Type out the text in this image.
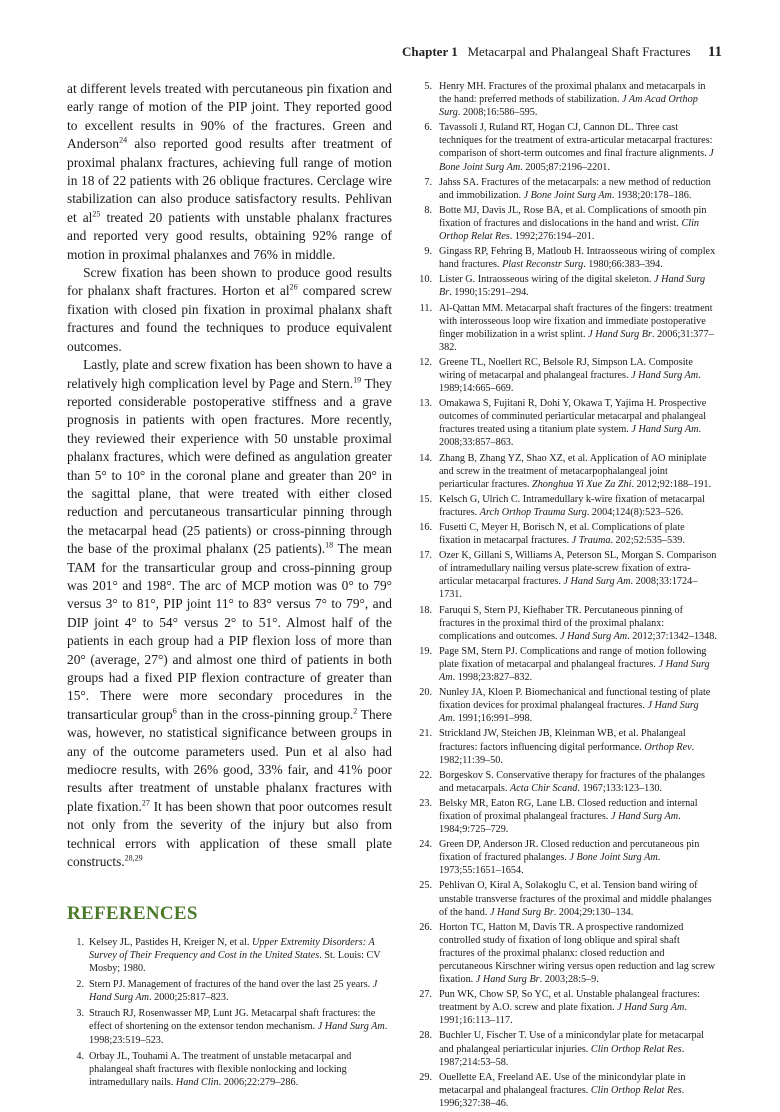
Chapter 1 Metacarpal and Phalangeal Shaft Fractures 11

at different levels treated with percutaneous pin fixation and early range of motion of the PIP joint. They reported good to excellent results in 90% of the fractures. Green and Anderson$^{24}$ also reported good results after treatment of proximal phalanx fractures, achieving full range of motion in 18 of 22 patients with 26 oblique fractures. Cerclage wire stabilization can also produce satisfactory results. Pehlivan et $al^{25}$ treated 20 patients with unstable phalanx fractures and reported very good results, obtaining 92% range of motion in proximal phalanxes and 76% in middle.

Screw fixation has been shown to produce good results for phalanx shaft fractures. Horton et $al^{26}$ compared screw fixation with closed pin fixation in proximal phalanx shaft fractures and found the techniques to produce equivalent outcomes.

Lastly, plate and screw fixation has been shown to have a relatively high complication level by Page and Stern.$^{19}$ They reported considerable postoperative stiffness and a grave prognosis in patients with open fractures. More recently, they reviewed their experience with 50 unstable proximal phalanx fractures, which were defined as angulation greater than 5° to 10° in the coronal plane and greater than 20° in the sagittal plane, that were treated with either closed reduction and percutaneous transarticular pinning through the metacarpal head (25 patients) or cross-pinning through the base of the proximal phalanx (25 patients).$^{18}$ The mean TAM for the transarticular group and cross-pinning group was 201° and 198°. The arc of MCP motion was 0° to 79° versus 3° to 81°, PIP joint 11° to 83° versus 7° to 79°, and DIP joint 4° to 54° versus 2° to 51°. Almost half of the patients in each group had a PIP flexion loss of more than 20° (average, 27°) and almost one third of patients in both groups had a fixed PIP flexion contracture of greater than 15°. There were more secondary procedures in the transarticular group$^6$ than in the cross-pinning group.$^2$ There was, however, no statistical significance between groups in any of the outcome parameters used. Pun et al also had mediocre results, with 26% good, 33% fair, and 41% poor results after treatment of unstable phalanx fractures with plate fixation.$^{27}$ It has been shown that poor outcomes result not only from the severity of the injury but also from technical errors with application of these small plate constructs.$^{28,29}$

REFERENCES
1. Kelsey JL, Pastides H, Kreiger N, et al. Upper Extremity Disorders: A Survey of Their Frequency and Cost in the United States. St. Louis: CV Mosby; 1980.
2. Stern PJ. Management of fractures of the hand over the last 25 years. J Hand Surg Am. 2000;25:817–823.
3. Strauch RJ, Rosenwasser MP, Lunt JG. Metacarpal shaft fractures: the effect of shortening on the extensor tendon mechanism. J Hand Surg Am. 1998;23:519–523.
4. Orbay JL, Touhami A. The treatment of unstable metacarpal and phalangeal shaft fractures with flexible nonlocking and locking intramedullary nails. Hand Clin. 2006;22:279–286.
5. Henry MH. Fractures of the proximal phalanx and metacarpals in the hand: preferred methods of stabilization. J Am Acad Orthop Surg. 2008;16:586–595.
6. Tavassoli J, Ruland RT, Hogan CJ, Cannon DL. Three cast techniques for the treatment of extra-articular metacarpal fractures: comparison of short-term outcomes and final fracture alignments. J Bone Joint Surg Am. 2005;87:2196–2201.
7. Jahss SA. Fractures of the metacarpals: a new method of reduction and immobilization. J Bone Joint Surg Am. 1938;20:178–186.
8. Botte MJ, Davis JL, Rose BA, et al. Complications of smooth pin fixation of fractures and dislocations in the hand and wrist. Clin Orthop Relat Res. 1992;276:194–201.
9. Gingass RP, Fehring B, Matloub H. Intraosseous wiring of complex hand fractures. Plast Reconstr Surg. 1980;66:383–394.
10. Lister G. Intraosseous wiring of the digital skeleton. J Hand Surg Br. 1990;15:291–294.
11. Al-Qattan MM. Metacarpal shaft fractures of the fingers: treatment with interosseous loop wire fixation and immediate postoperative finger mobilization in a wrist splint. J Hand Surg Br. 2006;31:377–382.
12. Greene TL, Noellert RC, Belsole RJ, Simpson LA. Composite wiring of metacarpal and phalangeal fractures. J Hand Surg Am. 1989;14:665–669.
13. Omakawa S, Fujitani R, Dohi Y, Okawa T, Yajima H. Prospective outcomes of comminuted periarticular metacarpal and phalangeal fractures treated using a titanium plate system. J Hand Surg Am. 2008;33:857–863.
14. Zhang B, Zhang YZ, Shao XZ, et al. Application of AO miniplate and screw in the treatment of metacarpophalangeal joint periarticular fractures. Zhonghua Yi Xue Za Zhi. 2012;92:188–191.
15. Kelsch G, Ulrich C. Intramedullary k-wire fixation of metacarpal fractures. Arch Orthop Trauma Surg. 2004;124(8):523–526.
16. Fusetti C, Meyer H, Borisch N, et al. Complications of plate fixation in metacarpal fractures. J Trauma. 202;52:535–539.
17. Ozer K, Gillani S, Williams A, Peterson SL, Morgan S. Comparison of intramedullary nailing versus plate-screw fixation of extra-articular metacarpal fractures. J Hand Surg Am. 2008;33:1724–1731.
18. Faruqui S, Stern PJ, Kiefhaber TR. Percutaneous pinning of fractures in the proximal third of the proximal phalanx: complications and outcomes. J Hand Surg Am. 2012;37:1342–1348.
19. Page SM, Stern PJ. Complications and range of motion following plate fixation of metacarpal and phalangeal fractures. J Hand Surg Am. 1998;23:827–832.
20. Nunley JA, Kloen P. Biomechanical and functional testing of plate fixation devices for proximal phalangeal fractures. J Hand Surg Am. 1991;16:991–998.
21. Strickland JW, Steichen JB, Kleinman WB, et al. Phalangeal fractures: factors influencing digital performance. Orthop Rev. 1982;11:39–50.
22. Borgeskov S. Conservative therapy for fractures of the phalanges and metacarpals. Acta Chir Scand. 1967;133:123–130.
23. Belsky MR, Eaton RG, Lane LB. Closed reduction and internal fixation of proximal phalangeal fractures. J Hand Surg Am. 1984;9:725–729.
24. Green DP, Anderson JR. Closed reduction and percutaneous pin fixation of fractured phalanges. J Bone Joint Surg Am. 1973;55:1651–1654.
25. Pehlivan O, Kiral A, Solakoglu C, et al. Tension band wiring of unstable transverse fractures of the proximal and middle phalanges of the hand. J Hand Surg Br. 2004;29:130–134.
26. Horton TC, Hatton M, Davis TR. A prospective randomized controlled study of fixation of long oblique and spiral shaft fractures of the proximal phalanx: closed reduction and percutaneous Kirschner wiring versus open reduction and lag screw fixation. J Hand Surg Br. 2003;28:5–9.
27. Pun WK, Chow SP, So YC, et al. Unstable phalangeal fractures: treatment by A.O. screw and plate fixation. J Hand Surg Am. 1991;16:113–117.
28. Buchler U, Fischer T. Use of a minicondylar plate for metacarpal and phalangeal periarticular injuries. Clin Orthop Relat Res. 1987;214:53–58.
29. Ouellette EA, Freeland AE. Use of the minicondylar plate in metacarpal and phalangeal fractures. Clin Orthop Relat Res. 1996;327:38–46.
